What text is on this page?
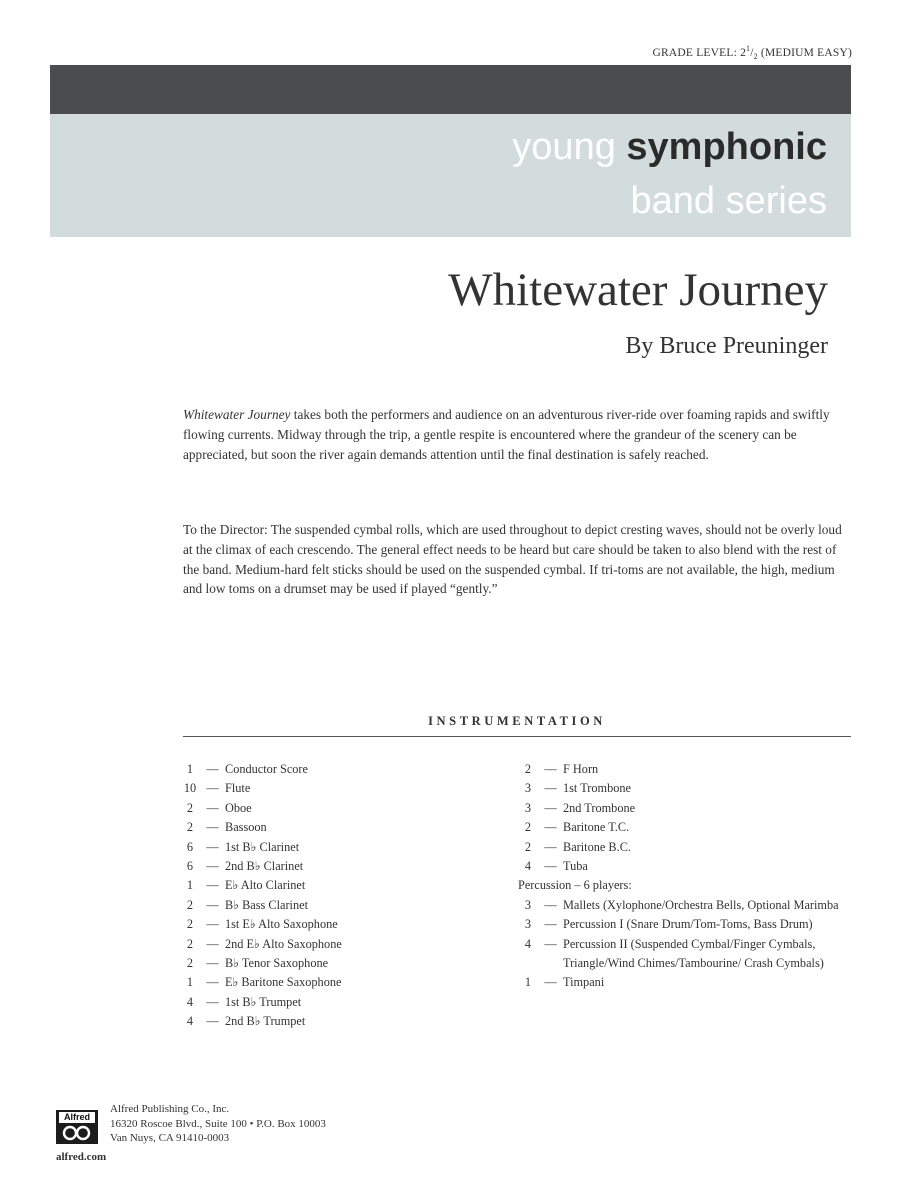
GRADE LEVEL: $2^1/_2$ (MEDIUM EASY)
young symphonic
band series
Whitewater Journey
By Bruce Preuninger

Whitewater Journey takes both the performers and audience on an adventurous river-ride over foaming rapids and swiftly flowing currents. Midway through the trip, a gentle respite is encountered where the grandeur of the scenery can be appreciated, but soon the river again demands attention until the final destination is safely reached.

To the Director: The suspended cymbal rolls, which are used throughout to depict cresting waves, should not be overly loud at the climax of each crescendo. The general effect needs to be heard but care should be taken to also blend with the rest of the band. Medium-hard felt sticks should be used on the suspended cymbal. If tri-toms are not available, the high, medium and low toms on a drumset may be used if played “gently.”

INSTRUMENTATION
1	— Conductor Score
10 — Flute
2	— Oboe
2	— Bassoon
6	— 1st B♭ Clarinet
6	— 2nd B♭ Clarinet
1	— E♭ Alto Clarinet
2	— B♭ Bass Clarinet
2	— 1st E♭ Alto Saxophone
2	— 2nd E♭ Alto Saxophone
2	— B♭ Tenor Saxophone
1	— E♭ Baritone Saxophone
4	— 1st B♭ Trumpet
4	— 2nd B♭ Trumpet
2	— F Horn
3	— 1st Trombone
3	— 2nd Trombone
2	— Baritone T.C.
2	— Baritone B.C.
4	— Tuba
Percussion – 6 players:
3	— Mallets (Xylophone/Orchestra Bells, Optional Marimba
3	— Percussion I (Snare Drum/Tom-Toms, Bass Drum)
4	— Percussion II (Suspended Cymbal/Finger Cymbals, Triangle/Wind Chimes/Tambourine/ Crash Cymbals)
1	— Timpani
Alfred
Alfred Publishing Co., Inc.
16320 Roscoe Blvd., Suite 100 • P.O. Box 10003
Van Nuys, CA 91410-0003
alfred.com
